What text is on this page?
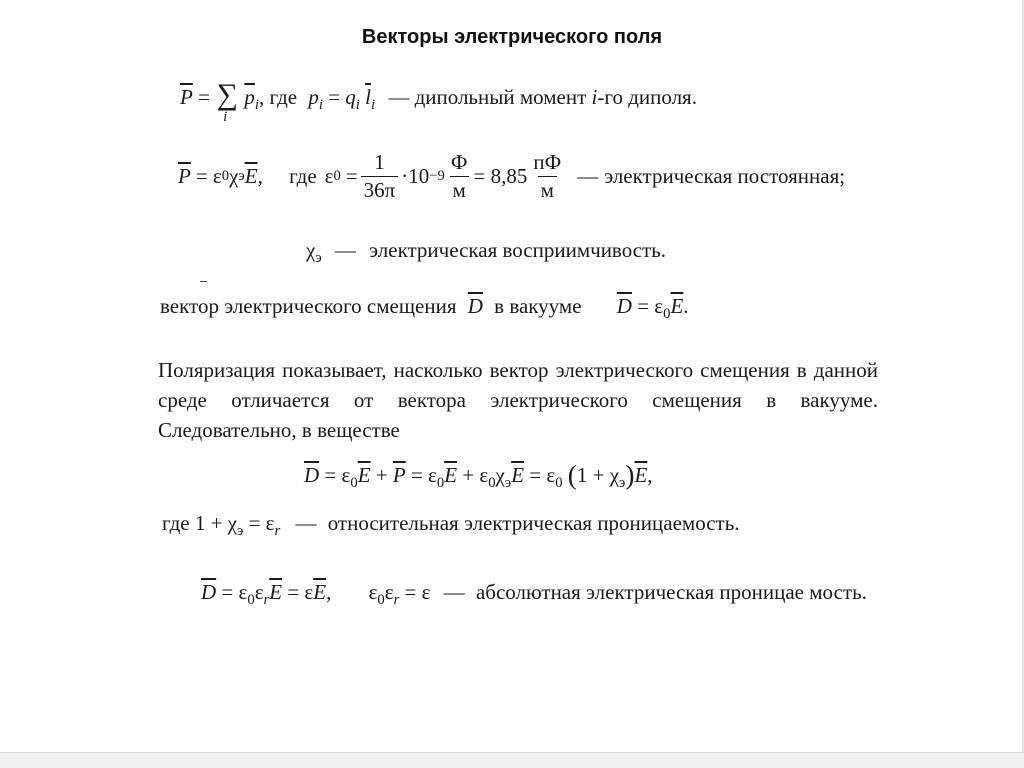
Векторы электрического поля
$\overline{P}$ = ∑
i
$\overline{p}_i$, где $p_i = q_i$ $\overline{l}_i$ — дипольный момент i-го диполя.
$\overline{P} = \varepsilon$ 0 χ э $\overline{E}$ ,     где ε $0 = \frac{1}{36\pi} \cdot 10 -9 \frac{Ф}{м} = 8,85 \frac{пФ}{м}$ — электрическая постоянная;
$\chi_э$ — электрическая восприимчивость.
вектор электрического смещения $\overline{D}$ в вакууме $\overline{D} = \varepsilon_0\overline{E}$.
Поляризация показывает, насколько вектор электрического смещения в данной среде отличается от вектора электрического смещения в вакууме. Следовательно, в веществе
$\overline{D} = \varepsilon_0\overline{E} + \overline{P} = \varepsilon_0\overline{E} + \varepsilon_0\chi_э\overline{E} = \varepsilon_0$ $(1 + \chi_э)\overline{E}$,
где $1 + \chi_э = \varepsilon_r$ — относительная электрическая проницаемость.
$\overline{D} = \varepsilon_0\varepsilon_r\overline{E} = \varepsilon\overline{E}$, $\varepsilon_0\varepsilon_r = \varepsilon$ — абсолютная электрическая проницае мость.
